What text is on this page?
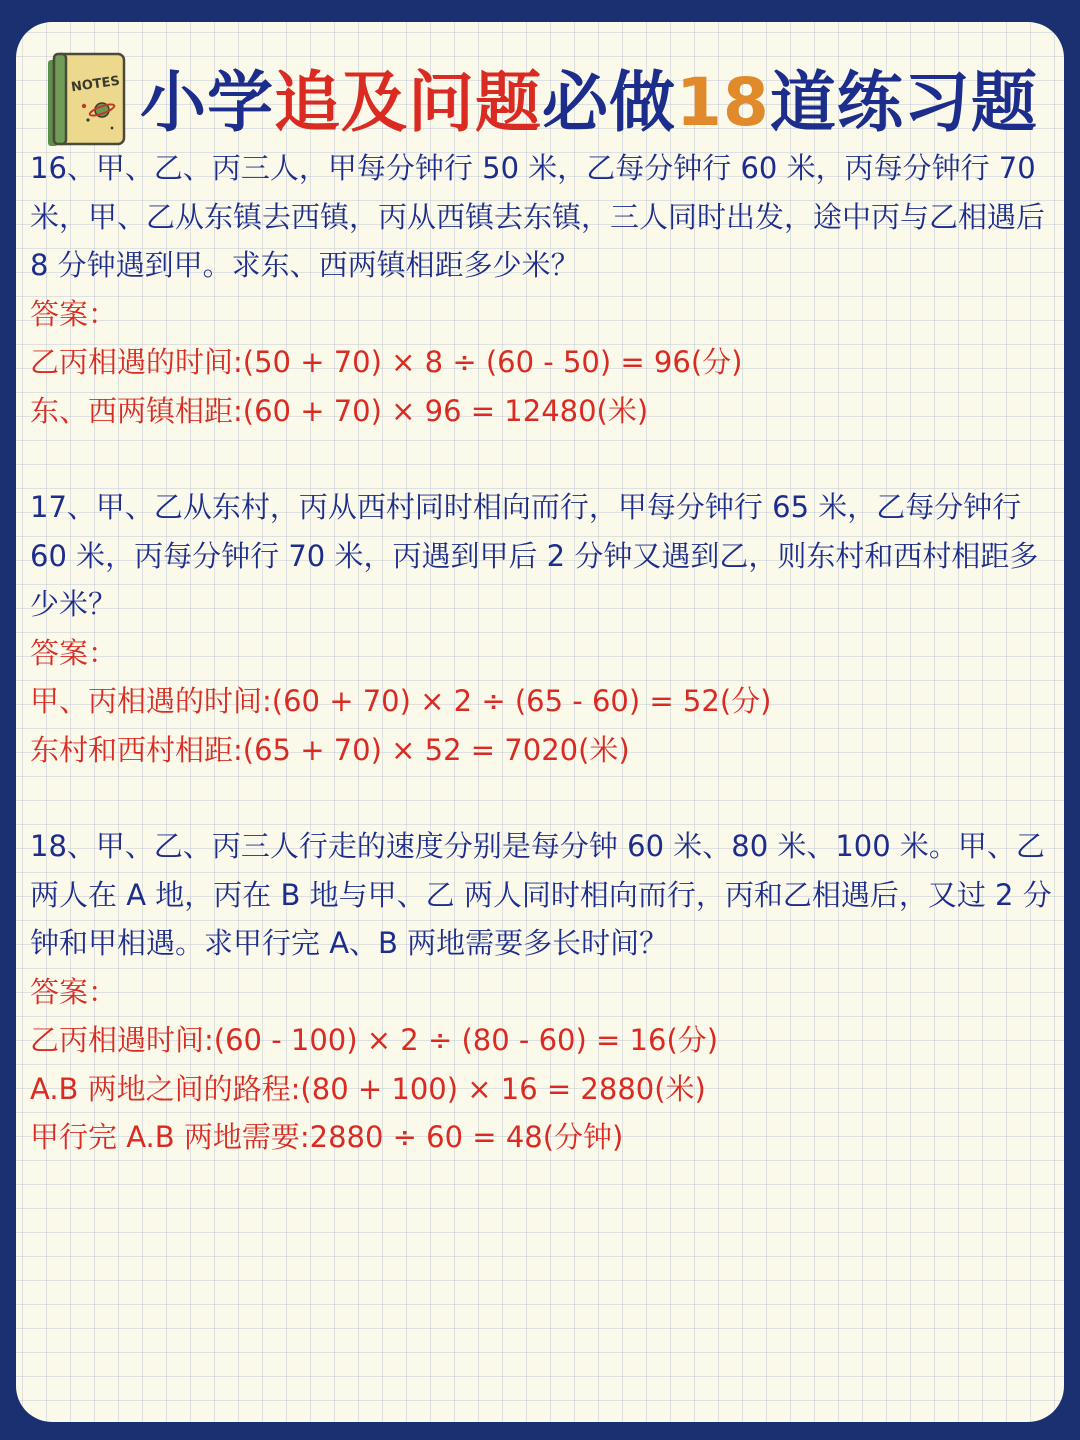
NOTES 小学追及问题必做18道练习题

16、甲、乙、丙三人，甲每分钟行 50 米，乙每分钟行 60 米，丙每分钟行 70 米，甲、乙从东镇去西镇，丙从西镇去东镇，三人同时出发，途中丙与乙相遇后 8 分钟遇到甲。求东、西两镇相距多少米？

答案：

乙丙相遇的时间:(50 + 70) × 8 ÷ (60 - 50) = 96(分)

东、西两镇相距:(60 + 70) × 96 = 12480(米)

17、甲、乙从东村，丙从西村同时相向而行，甲每分钟行 65 米，乙每分钟行 60 米，丙每分钟行 70 米，丙遇到甲后 2 分钟又遇到乙，则东村和西村相距多少米？

答案：

甲、丙相遇的时间:(60 + 70) × 2 ÷ (65 - 60) = 52(分)

东村和西村相距:(65 + 70) × 52 = 7020(米)

18、甲、乙、丙三人行走的速度分别是每分钟 60 米、80 米、100 米。甲、乙两人在 A 地，丙在 B 地与甲、乙 两人同时相向而行，丙和乙相遇后，又过 2 分钟和甲相遇。求甲行完 A、B 两地需要多长时间？

答案：

乙丙相遇时间:(60 - 100) × 2 ÷ (80 - 60) = 16(分)

A.B 两地之间的路程:(80 + 100) × 16 = 2880(米)

甲行完 A.B 两地需要:2880 ÷ 60 = 48(分钟)
